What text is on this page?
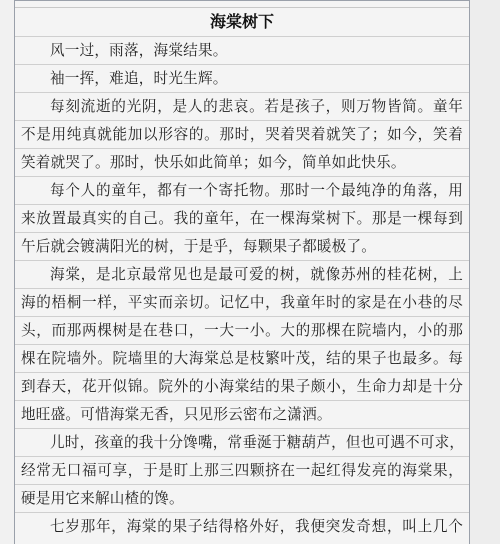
海棠树下
风一过，雨落，海棠结果。
袖一挥，难追，时光生辉。
每刻流逝的光阴，是人的悲哀。若是孩子，则万物皆简。童年
不是用纯真就能加以形容的。那时，哭着哭着就笑了；如今，笑着
笑着就哭了。那时，快乐如此简单；如今，简单如此快乐。
每个人的童年，都有一个寄托物。那时一个最纯净的角落，用
来放置最真实的自己。我的童年，在一棵海棠树下。那是一棵每到
午后就会镀满阳光的树，于是乎，每颗果子都暖极了。
海棠，是北京最常见也是最可爱的树，就像苏州的桂花树，上
海的梧桐一样，平实而亲切。记忆中，我童年时的家是在小巷的尽
头，而那两棵树是在巷口，一大一小。大的那棵在院墙内，小的那
棵在院墙外。院墙里的大海棠总是枝繁叶茂，结的果子也最多。每
到春天，花开似锦。院外的小海棠结的果子颇小，生命力却是十分
地旺盛。可惜海棠无香，只见形云密布之潇洒。
儿时，孩童的我十分馋嘴，常垂涎于糖葫芦，但也可遇不可求，
经常无口福可享，于是盯上那三四颗挤在一起红得发亮的海棠果，
硬是用它来解山楂的馋。
七岁那年，海棠的果子结得格外好，我便突发奇想，叫上几个
